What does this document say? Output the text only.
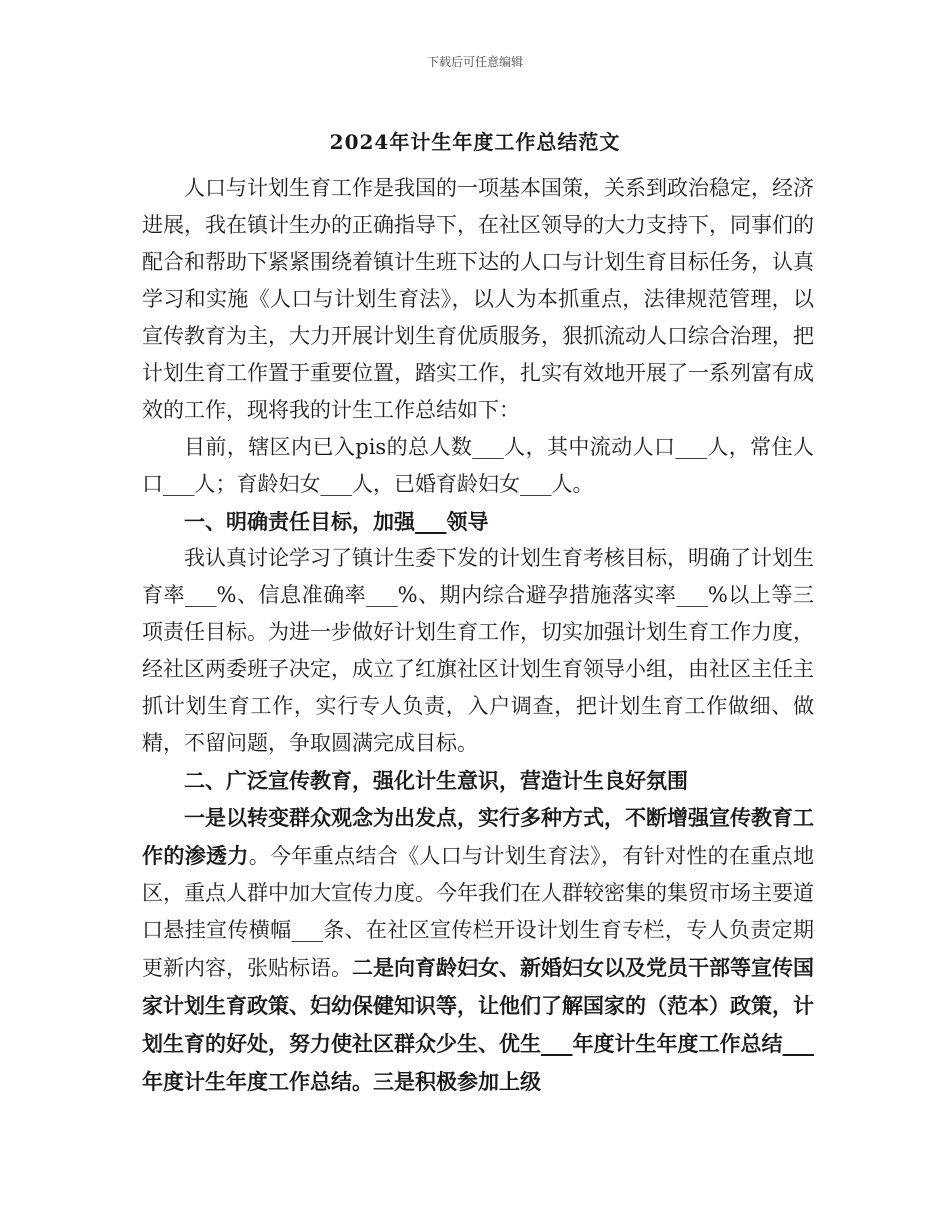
下载后可任意编辑
2024年计生年度工作总结范文

人口与计划生育工作是我国的一项基本国策，关系到政治稳定，经济进展，我在镇计生办的正确指导下，在社区领导的大力支持下，同事们的配合和帮助下紧紧围绕着镇计生班下达的人口与计划生育目标任务，认真学习和实施《人口与计划生育法》，以人为本抓重点，法律规范管理，以宣传教育为主，大力开展计划生育优质服务，狠抓流动人口综合治理，把计划生育工作置于重要位置，踏实工作，扎实有效地开展了一系列富有成效的工作，现将我的计生工作总结如下：

目前，辖区内已入pis的总人数___人，其中流动人口___人，常住人口___人；育龄妇女___人，已婚育龄妇女___人。

一、明确责任目标，加强___领导

我认真讨论学习了镇计生委下发的计划生育考核目标，明确了计划生育率___%、信息准确率___%、期内综合避孕措施落实率___%以上等三项责任目标。为进一步做好计划生育工作，切实加强计划生育工作力度，经社区两委班子决定，成立了红旗社区计划生育领导小组，由社区主任主抓计划生育工作，实行专人负责，入户调查，把计划生育工作做细、做精，不留问题，争取圆满完成目标。

二、广泛宣传教育，强化计生意识，营造计生良好氛围

一是以转变群众观念为出发点，实行多种方式，不断增强宣传教育工作的渗透力。今年重点结合《人口与计划生育法》，有针对性的在重点地区，重点人群中加大宣传力度。今年我们在人群较密集的集贸市场主要道口悬挂宣传横幅___条、在社区宣传栏开设计划生育专栏，专人负责定期更新内容，张贴标语。二是向育龄妇女、新婚妇女以及党员干部等宣传国家计划生育政策、妇幼保健知识等，让他们了解国家的（范本）政策，计划生育的好处，努力使社区群众少生、优生___年度计生年度工作总结___年度计生年度工作总结。三是积极参加上级
